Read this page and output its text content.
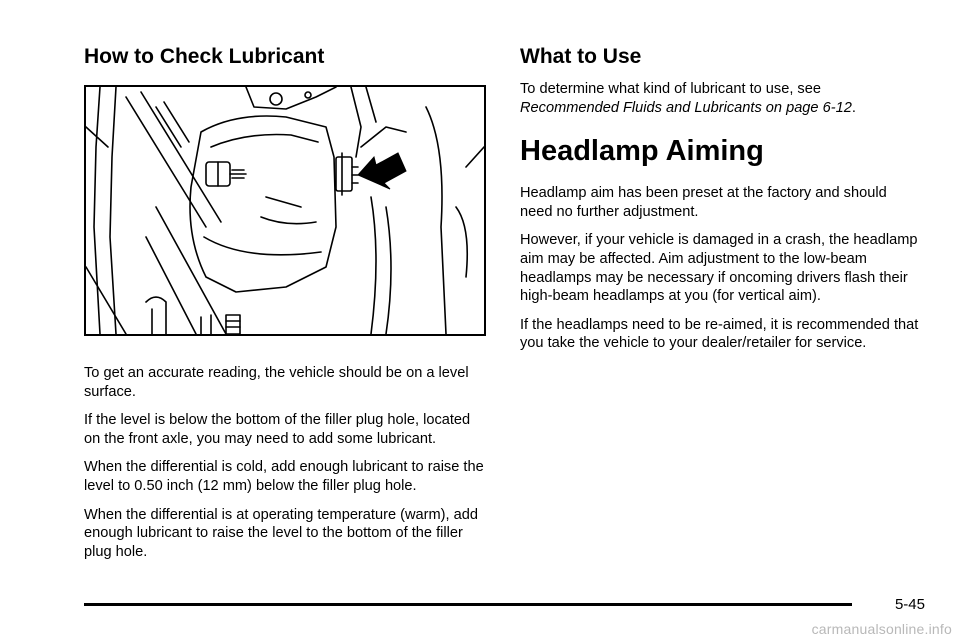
How to Check Lubricant

To get an accurate reading, the vehicle should be on a level surface.

If the level is below the bottom of the filler plug hole, located on the front axle, you may need to add some lubricant.

When the differential is cold, add enough lubricant to raise the level to 0.50 inch (12 mm) below the filler plug hole.

When the differential is at operating temperature (warm), add enough lubricant to raise the level to the bottom of the filler plug hole.

What to Use

To determine what kind of lubricant to use, see Recommended Fluids and Lubricants on page 6-12.

Headlamp Aiming

Headlamp aim has been preset at the factory and should need no further adjustment.

However, if your vehicle is damaged in a crash, the headlamp aim may be affected. Aim adjustment to the low-beam headlamps may be necessary if oncoming drivers flash their high-beam headlamps at you (for vertical aim).

If the headlamps need to be re-aimed, it is recommended that you take the vehicle to your dealer/retailer for service.

5-45
carmanualsonline.info
